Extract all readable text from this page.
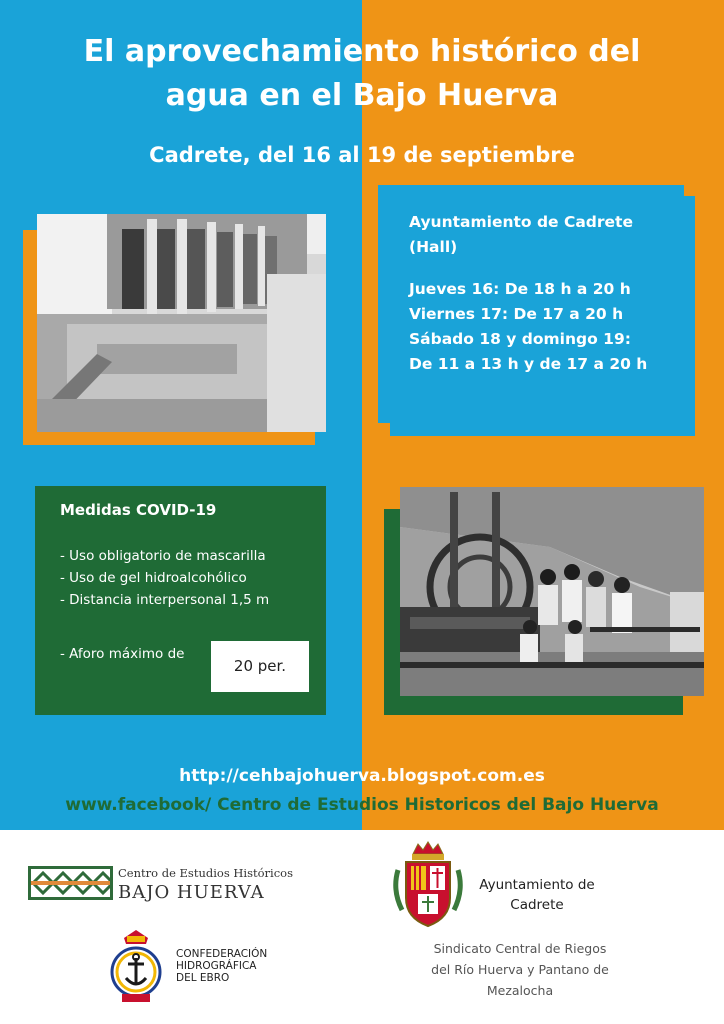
El aprovechamiento histórico del
agua en el Bajo Huerva
Cadrete, del 16 al 19 de septiembre
Ayuntamiento de Cadrete
(Hall)
Jueves 16: De 18 h a 20 h
Viernes 17: De 17 a 20 h
Sábado 18 y domingo 19:
De 11 a 13 h y de 17 a 20 h
Medidas COVID-19
- Uso obligatorio de mascarilla
- Uso de gel hidroalcohólico
- Distancia interpersonal 1,5 m
- Aforo máximo de
20 per.
http://cehbajohuerva.blogspot.com.es
www.facebook/ Centro de Estudios Historicos del Bajo Huerva
Centro de Estudios Históricos
BAJO HUERVA
CONFEDERACIÓN
HIDROGRÁFICA
DEL EBRO
Ayuntamiento de
Cadrete
Sindicato Central de Riegos
del Río Huerva y Pantano de
Mezalocha
